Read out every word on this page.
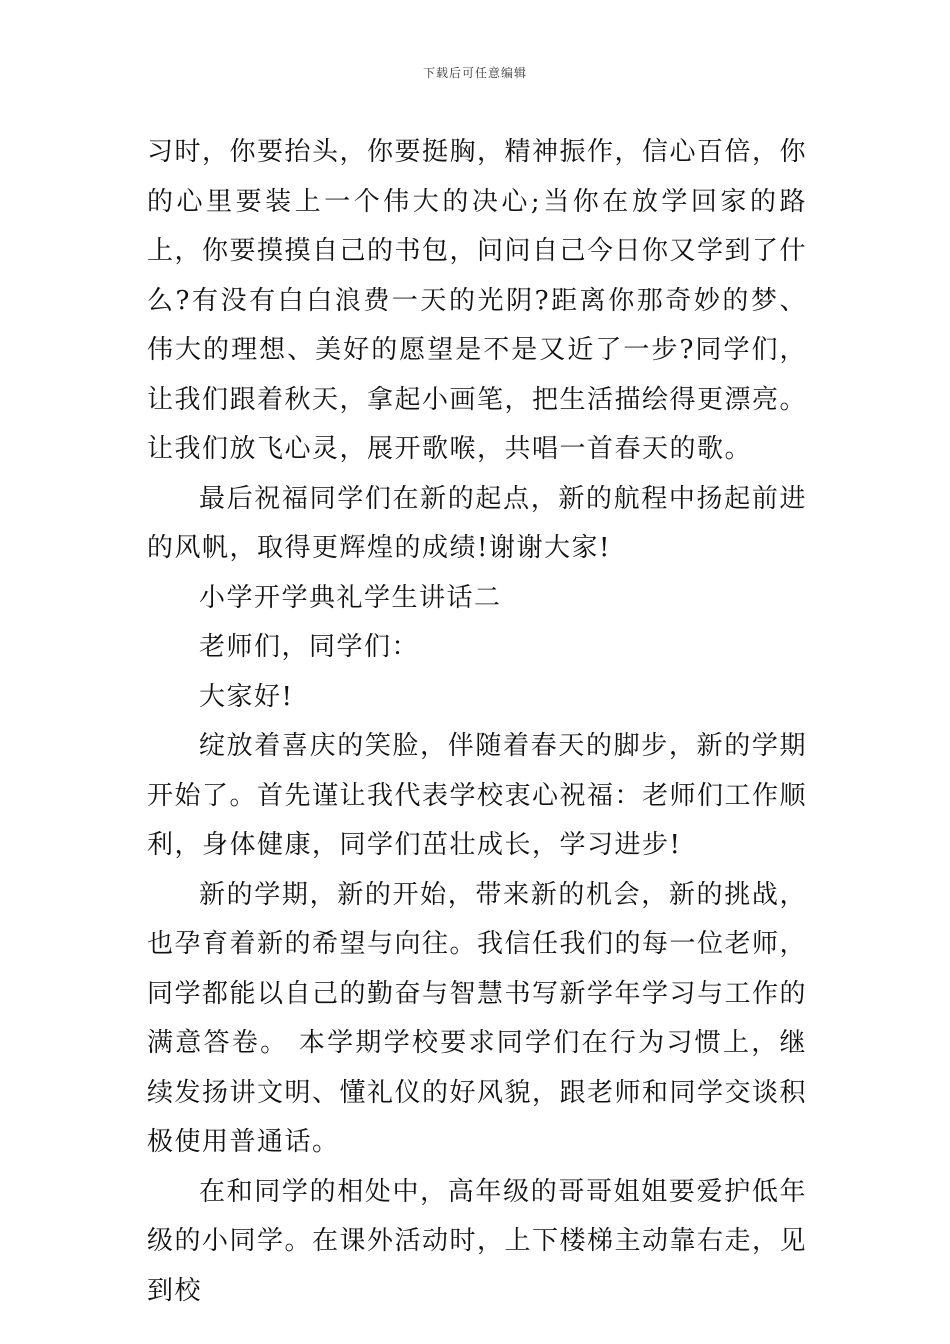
下载后可任意编辑

习时，你要抬头，你要挺胸，精神振作，信心百倍，你的心里要装上一个伟大的决心;当你在放学回家的路上，你要摸摸自己的书包，问问自己今日你又学到了什么?有没有白白浪费一天的光阴?距离你那奇妙的梦、伟大的理想、美好的愿望是不是又近了一步?同学们，让我们跟着秋天，拿起小画笔，把生活描绘得更漂亮。让我们放飞心灵，展开歌喉，共唱一首春天的歌。

最后祝福同学们在新的起点，新的航程中扬起前进的风帆，取得更辉煌的成绩!谢谢大家!

小学开学典礼学生讲话二

老师们，同学们：

大家好!

绽放着喜庆的笑脸，伴随着春天的脚步，新的学期开始了。首先谨让我代表学校衷心祝福：老师们工作顺利，身体健康，同学们茁壮成长，学习进步!

新的学期，新的开始，带来新的机会，新的挑战，也孕育着新的希望与向往。我信任我们的每一位老师，同学都能以自己的勤奋与智慧书写新学年学习与工作的满意答卷。 本学期学校要求同学们在行为习惯上，继续发扬讲文明、懂礼仪的好风貌，跟老师和同学交谈积极使用普通话。

在和同学的相处中，高年级的哥哥姐姐要爱护低年级的小同学。在课外活动时，上下楼梯主动靠右走，见到校
